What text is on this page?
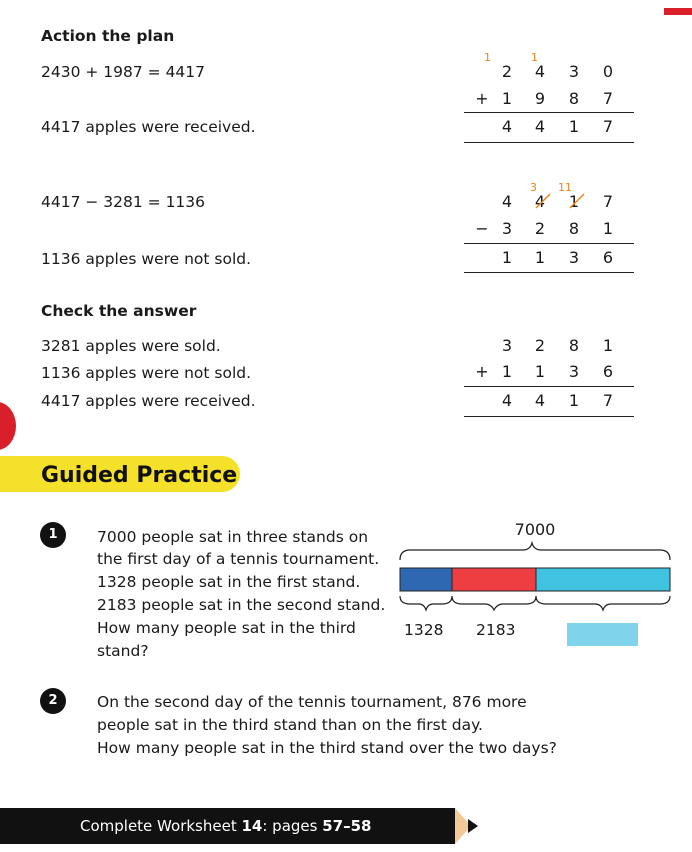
Action the plan
2430 + 1987 = 4417
4417 apples were received.
4417 − 3281 = 1136
1136 apples were not sold.
Check the answer
3281 apples were sold.
1136 apples were not sold.
4417 apples were received.
1	1
2	4	3	0
+ 1	9	8	7
4	4	1	7
3 11
4	4	1	7
− 3	2	8	1
1	1	3	6
3	2	8	1
+ 1	1	3	6
4	4	1	7
Guided Practice
1	7000 people sat in three stands on
the first day of a tennis tournament.
1328 people sat in the first stand.
2183 people sat in the second stand.
How many people sat in the third
stand?
7000
1328 2183
2	On the second day of the tennis tournament, 876 more
people sat in the third stand than on the first day.
How many people sat in the third stand over the two days?
Complete Worksheet 14: pages 57–58
